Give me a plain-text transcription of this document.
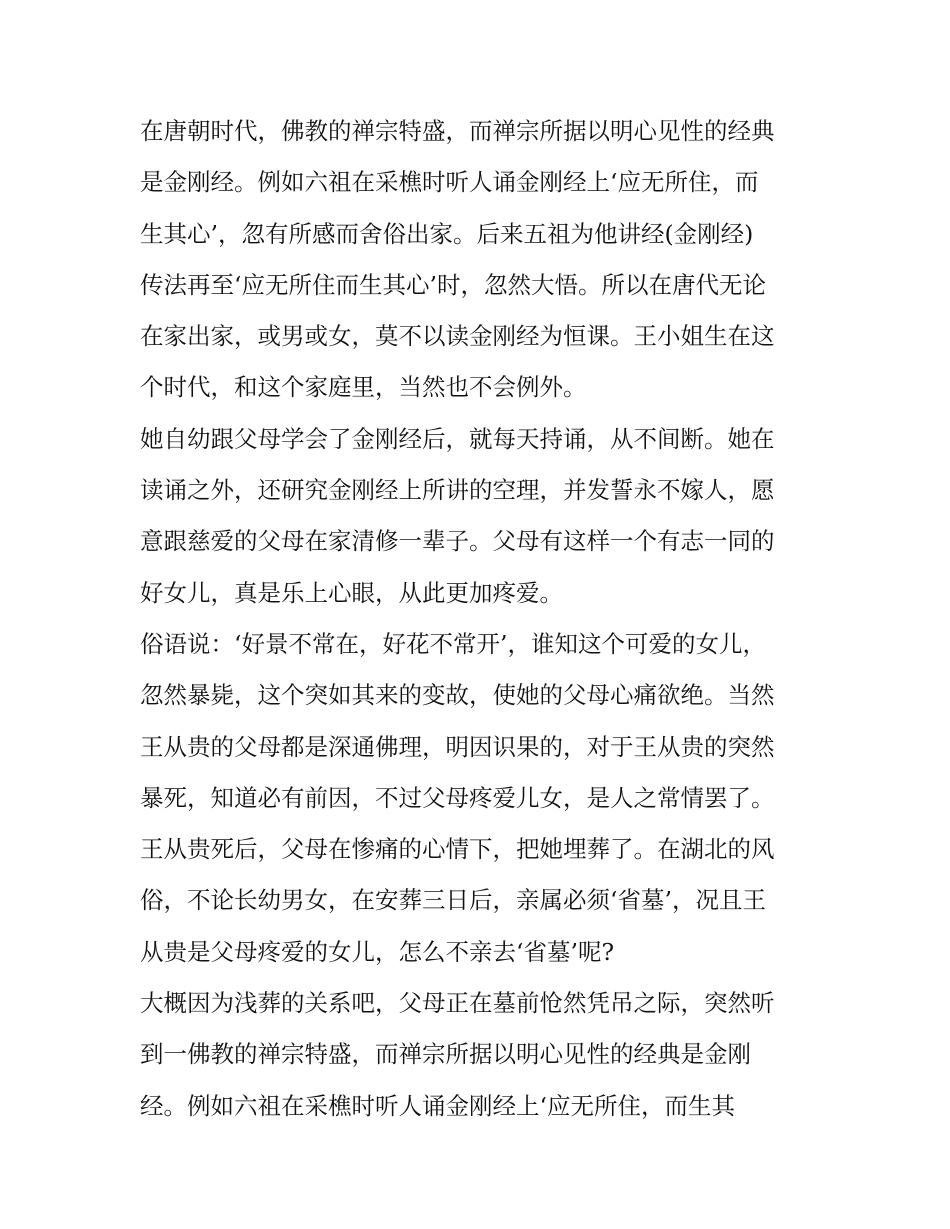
在唐朝时代，佛教的禅宗特盛，而禅宗所据以明心见性的经典
是金刚经。例如六祖在采樵时听人诵金刚经上‘应无所住，而
生其心’，忽有所感而舍俗出家。后来五祖为他讲经(金刚经)
传法再至‘应无所住而生其心’时，忽然大悟。所以在唐代无论
在家出家，或男或女，莫不以读金刚经为恒课。王小姐生在这
个时代，和这个家庭里，当然也不会例外。
她自幼跟父母学会了金刚经后，就每天持诵，从不间断。她在
读诵之外，还研究金刚经上所讲的空理，并发誓永不嫁人，愿
意跟慈爱的父母在家清修一辈子。父母有这样一个有志一同的
好女儿，真是乐上心眼，从此更加疼爱。
俗语说：‘好景不常在，好花不常开’，谁知这个可爱的女儿，
忽然暴毙，这个突如其来的变故，使她的父母心痛欲绝。当然
王从贵的父母都是深通佛理，明因识果的，对于王从贵的突然
暴死，知道必有前因，不过父母疼爱儿女，是人之常情罢了。
王从贵死后，父母在惨痛的心情下，把她埋葬了。在湖北的风
俗，不论长幼男女，在安葬三日后，亲属必须‘省墓’，况且王
从贵是父母疼爱的女儿，怎么不亲去‘省墓’呢?
大概因为浅葬的关系吧，父母正在墓前怆然凭吊之际，突然听
到一佛教的禅宗特盛，而禅宗所据以明心见性的经典是金刚
经。例如六祖在采樵时听人诵金刚经上‘应无所住，而生其
